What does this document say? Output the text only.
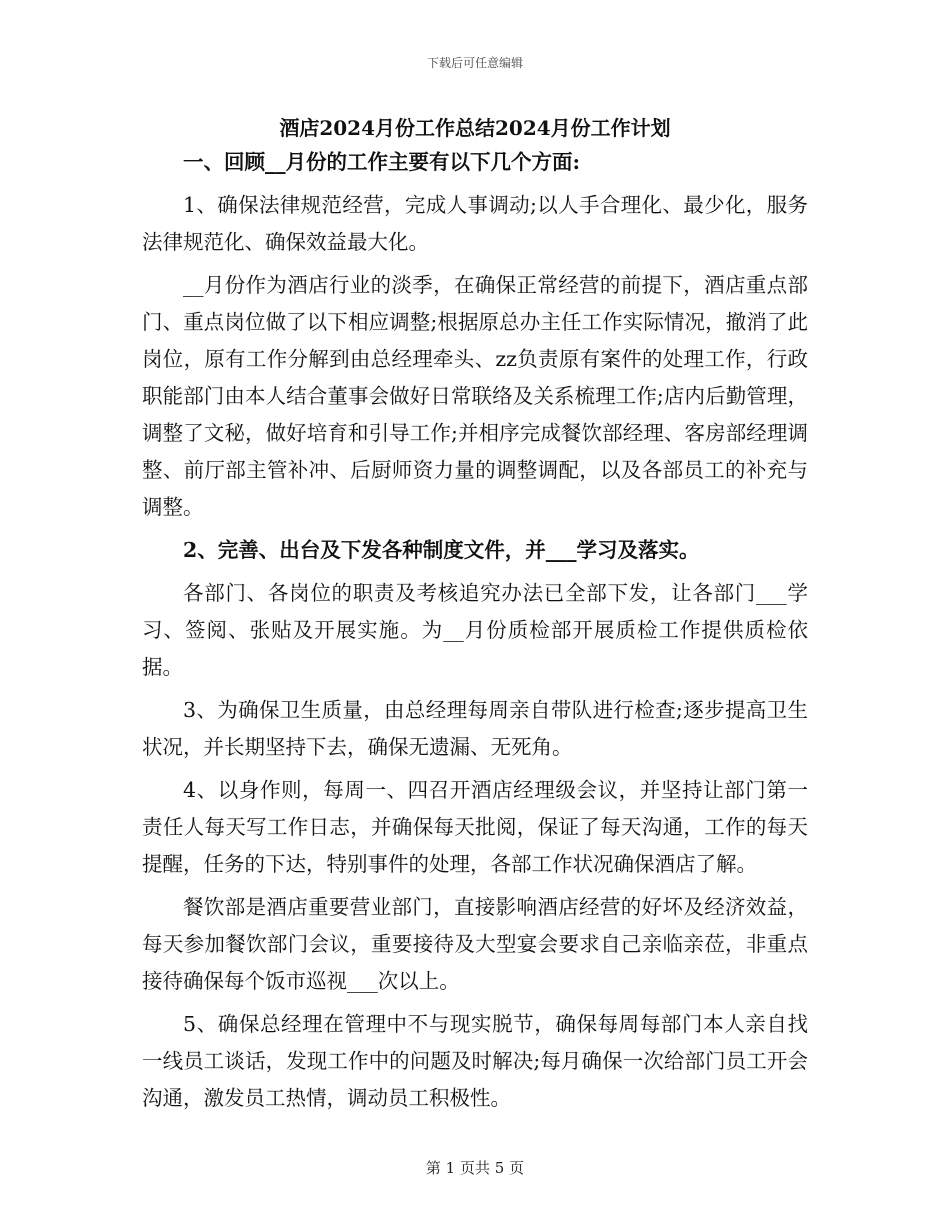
下载后可任意编辑
酒店2024月份工作总结2024月份工作计划

一、回顾__月份的工作主要有以下几个方面:

1、确保法律规范经营，完成人事调动;以人手合理化、最少化，服务法律规范化、确保效益最大化。

__月份作为酒店行业的淡季，在确保正常经营的前提下，酒店重点部门、重点岗位做了以下相应调整;根据原总办主任工作实际情况，撤消了此岗位，原有工作分解到由总经理牵头、zz负责原有案件的处理工作，行政职能部门由本人结合董事会做好日常联络及关系梳理工作;店内后勤管理，调整了文秘，做好培育和引导工作;并相序完成餐饮部经理、客房部经理调整、前厅部主管补冲、后厨师资力量的调整调配，以及各部员工的补充与调整。

2、完善、出台及下发各种制度文件，并___学习及落实。

各部门、各岗位的职责及考核追究办法已全部下发，让各部门___学习、签阅、张贴及开展实施。为__月份质检部开展质检工作提供质检依据。

3、为确保卫生质量，由总经理每周亲自带队进行检查;逐步提高卫生状况，并长期坚持下去，确保无遗漏、无死角。

4、以身作则，每周一、四召开酒店经理级会议，并坚持让部门第一责任人每天写工作日志，并确保每天批阅，保证了每天沟通，工作的每天提醒，任务的下达，特别事件的处理，各部工作状况确保酒店了解。

餐饮部是酒店重要营业部门，直接影响酒店经营的好坏及经济效益，每天参加餐饮部门会议，重要接待及大型宴会要求自己亲临亲莅，非重点接待确保每个饭市巡视___次以上。

5、确保总经理在管理中不与现实脱节，确保每周每部门本人亲自找一线员工谈话，发现工作中的问题及时解决;每月确保一次给部门员工开会沟通，激发员工热情，调动员工积极性。

第 1 页共 5 页
